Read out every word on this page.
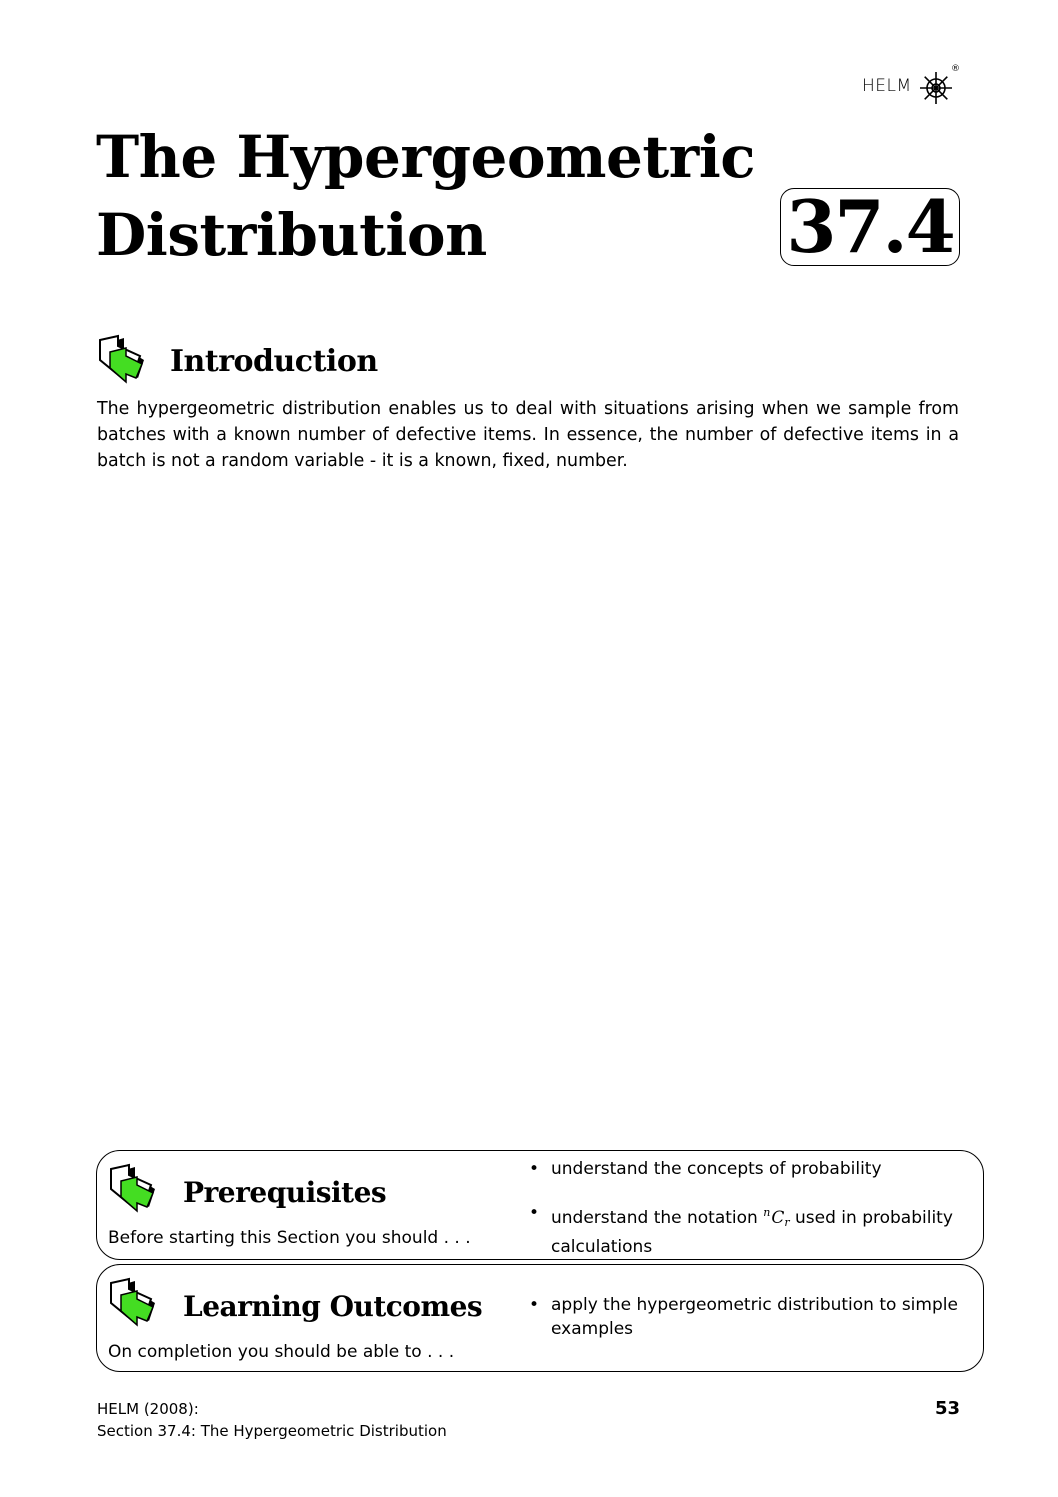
HELM
®
The Hypergeometric
Distribution	37.4
Introduction
The hypergeometric distribution enables us to deal with situations arising when we sample from batches with a known number of defective items. In essence, the number of defective items in a batch is not a random variable - it is a known, fixed, number.
Prerequisites
Before starting this Section you should . . .
• understand the concepts of probability
• understand the notation $^nC_r$ used in probability calculations
Learning Outcomes
On completion you should be able to . . .
• apply the hypergeometric distribution to simple examples
HELM (2008):
Section 37.4: The Hypergeometric Distribution
53
